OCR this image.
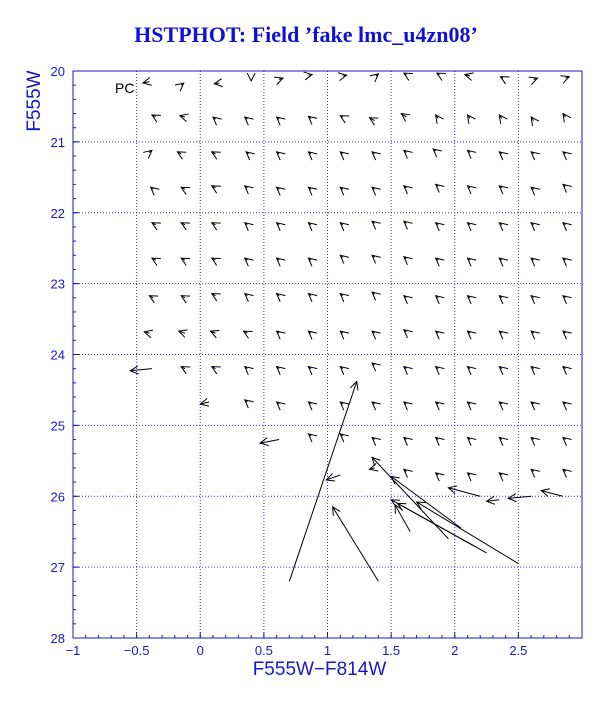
HSTPHOT: Field ’fake lmc_u4zn08’
−1	−0.5	0	0.5	1	1.5	2	2.5
20
21
22
23
24
25
26
27
28
PC
F555W−F814W
F555W
